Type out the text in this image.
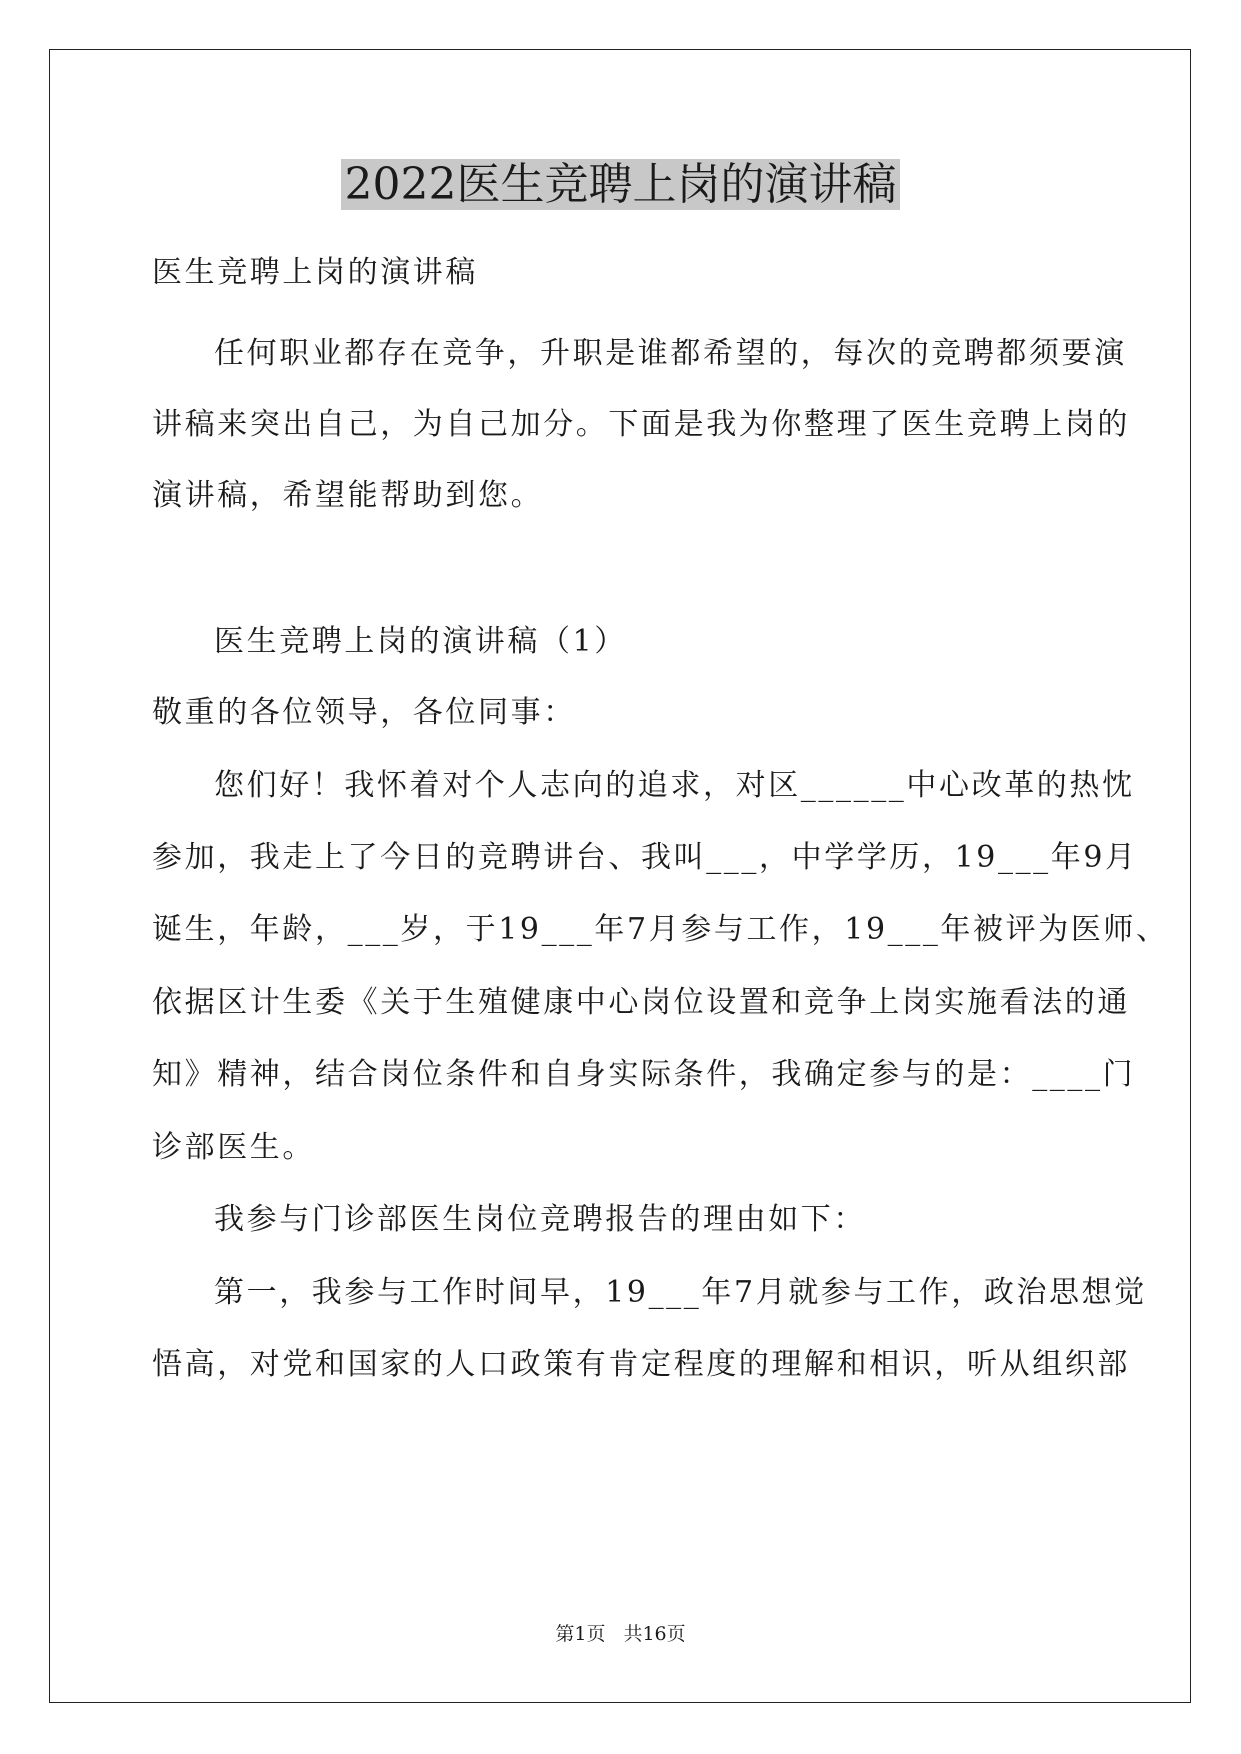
2022医生竞聘上岗的演讲稿
医生竞聘上岗的演讲稿
任何职业都存在竞争，升职是谁都希望的，每次的竞聘都须要演
讲稿来突出自己，为自己加分。下面是我为你整理了医生竞聘上岗的
演讲稿，希望能帮助到您。
医生竞聘上岗的演讲稿（1）
敬重的各位领导，各位同事：
您们好！我怀着对个人志向的追求，对区______中心改革的热忱
参加，我走上了今日的竞聘讲台、我叫___，中学学历，19___年9月
诞生，年龄，___岁，于19___年7月参与工作，19___年被评为医师、
依据区计生委《关于生殖健康中心岗位设置和竞争上岗实施看法的通
知》精神，结合岗位条件和自身实际条件，我确定参与的是：____门
诊部医生。
我参与门诊部医生岗位竞聘报告的理由如下：
第一，我参与工作时间早，19___年7月就参与工作，政治思想觉
悟高，对党和国家的人口政策有肯定程度的理解和相识，听从组织部
第1页 共16页
